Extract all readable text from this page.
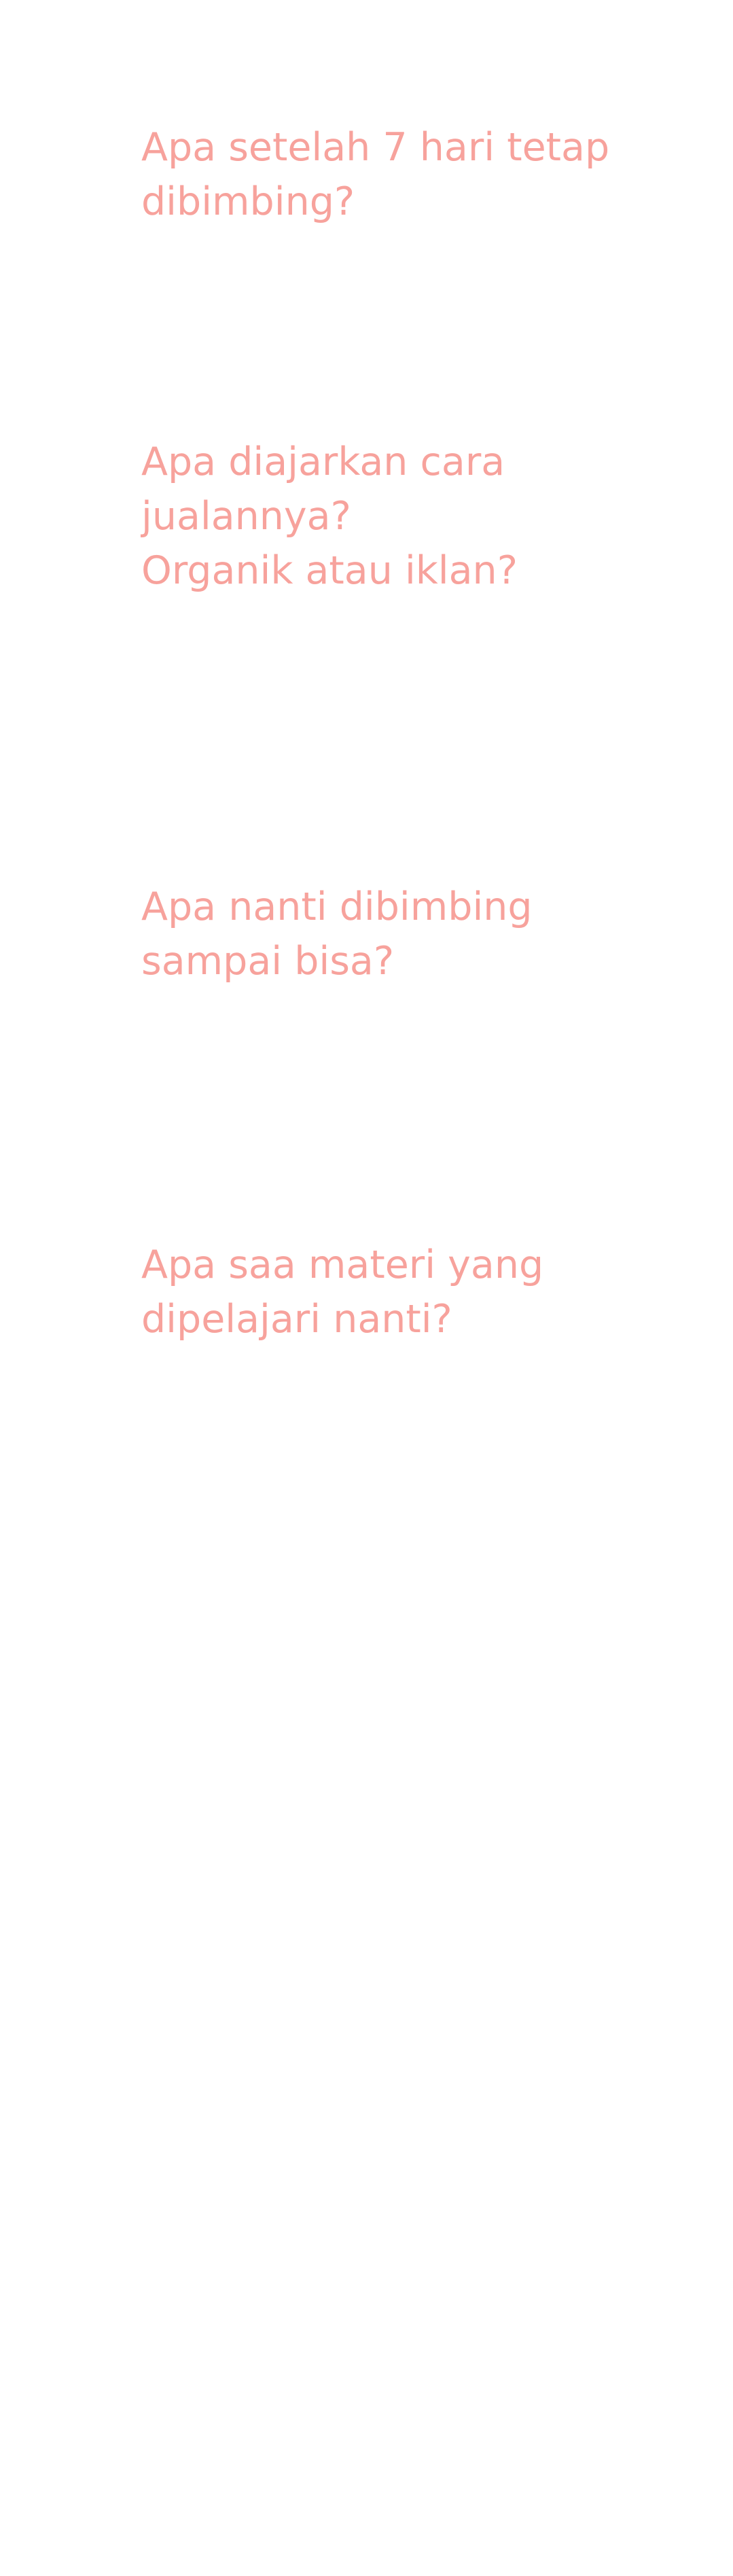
Apa setelah 7 hari tetap
dibimbing?
Apa diajarkan cara jualannya?
Organik atau iklan?
Apa nanti dibimbing
sampai bisa?
Apa saa materi yang
dipelajari nanti?
